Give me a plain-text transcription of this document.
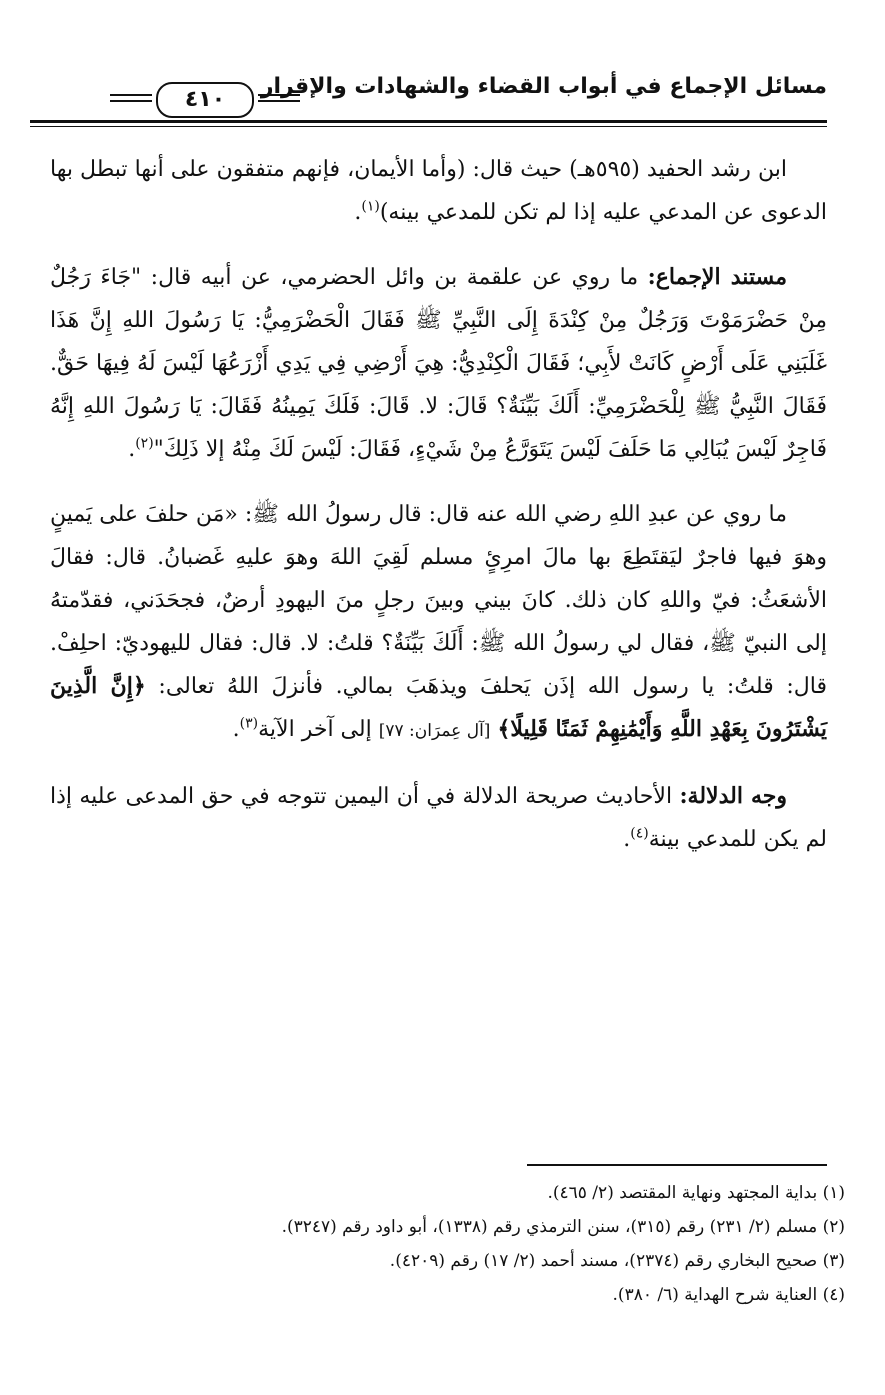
مسائل الإجماع في أبواب القضاء والشهادات والإقرار
٤١٠

ابن رشد الحفيد (٥٩٥هـ) حيث قال: (وأما الأيمان، فإنهم متفقون على أنها تبطل بها الدعوى عن المدعي عليه إذا لم تكن للمدعي بينه)$^{(١)}$.

مستند الإجماع: ما روي عن علقمة بن وائل الحضرمي، عن أبيه قال: "جَاءَ رَجُلٌ مِنْ حَضْرَمَوْتَ وَرَجُلٌ مِنْ كِنْدَةَ إِلَى النَّبِيِّ ﷺ فَقَالَ الْحَضْرَمِيُّ: يَا رَسُولَ اللهِ إِنَّ هَذَا غَلَبَنِي عَلَى أَرْضٍ كَانَتْ لأَبِي؛ فَقَالَ الْكِنْدِيُّ: هِيَ أَرْضِي فِي يَدِي أَزْرَعُهَا لَيْسَ لَهُ فِيهَا حَقٌّ. فَقَالَ النَّبِيُّ ﷺ لِلْحَضْرَمِيِّ: أَلَكَ بَيِّنَةٌ؟ قَالَ: لا. قَالَ: فَلَكَ يَمِينُهُ فَقَالَ: يَا رَسُولَ اللهِ إِنَّهُ فَاجِرٌ لَيْسَ يُبَالِي مَا حَلَفَ لَيْسَ يَتَوَرَّعُ مِنْ شَيْءٍ، فَقَالَ: لَيْسَ لَكَ مِنْهُ إلا ذَلِكَ"$^{(٢)}$.

ما روي عن عبدِ اللهِ رضي الله عنه قال: قال رسولُ الله ﷺ: «مَن حلفَ على يَمينٍ وهوَ فيها فاجرٌ ليَقتَطِعَ بها مالَ امرِئٍ مسلم لَقِيَ اللهَ وهوَ عليهِ غَضبانُ. قال: فقالَ الأشعَثُ: فيّ واللهِ كان ذلك. كانَ بيني وبينَ رجلٍ منَ اليهودِ أرضٌ، فجحَدَني، فقدّمتهُ إلى النبيّ ﷺ، فقال لي رسولُ الله ﷺ: أَلَكَ بَيِّنَةٌ؟ قلتُ: لا. قال: فقال لليهوديّ: احلِفْ. قال: قلتُ: يا رسول الله إذَن يَحلفَ ويذهَبَ بمالي. فأنزلَ اللهُ تعالى: ﴿إِنَّ الَّذِينَ يَشْتَرُونَ بِعَهْدِ اللَّهِ وَأَيْمَٰنِهِمْ ثَمَنًا قَلِيلًا﴾ [آل عِمرَان: ٧٧] إلى آخر الآية$^{(٣)}$.

وجه الدلالة: الأحاديث صريحة الدلالة في أن اليمين تتوجه في حق المدعى عليه إذا لم يكن للمدعي بينة$^{(٤)}$.

(١) بداية المجتهد ونهاية المقتصد (٢/ ٤٦٥).
(٢) مسلم (٢/ ٢٣١) رقم (٣١٥)، سنن الترمذي رقم (١٣٣٨)، أبو داود رقم (٣٢٤٧).
(٣) صحيح البخاري رقم (٢٣٧٤)، مسند أحمد (٢/ ١٧) رقم (٤٢٠٩).
(٤) العناية شرح الهداية (٦/ ٣٨٠).
